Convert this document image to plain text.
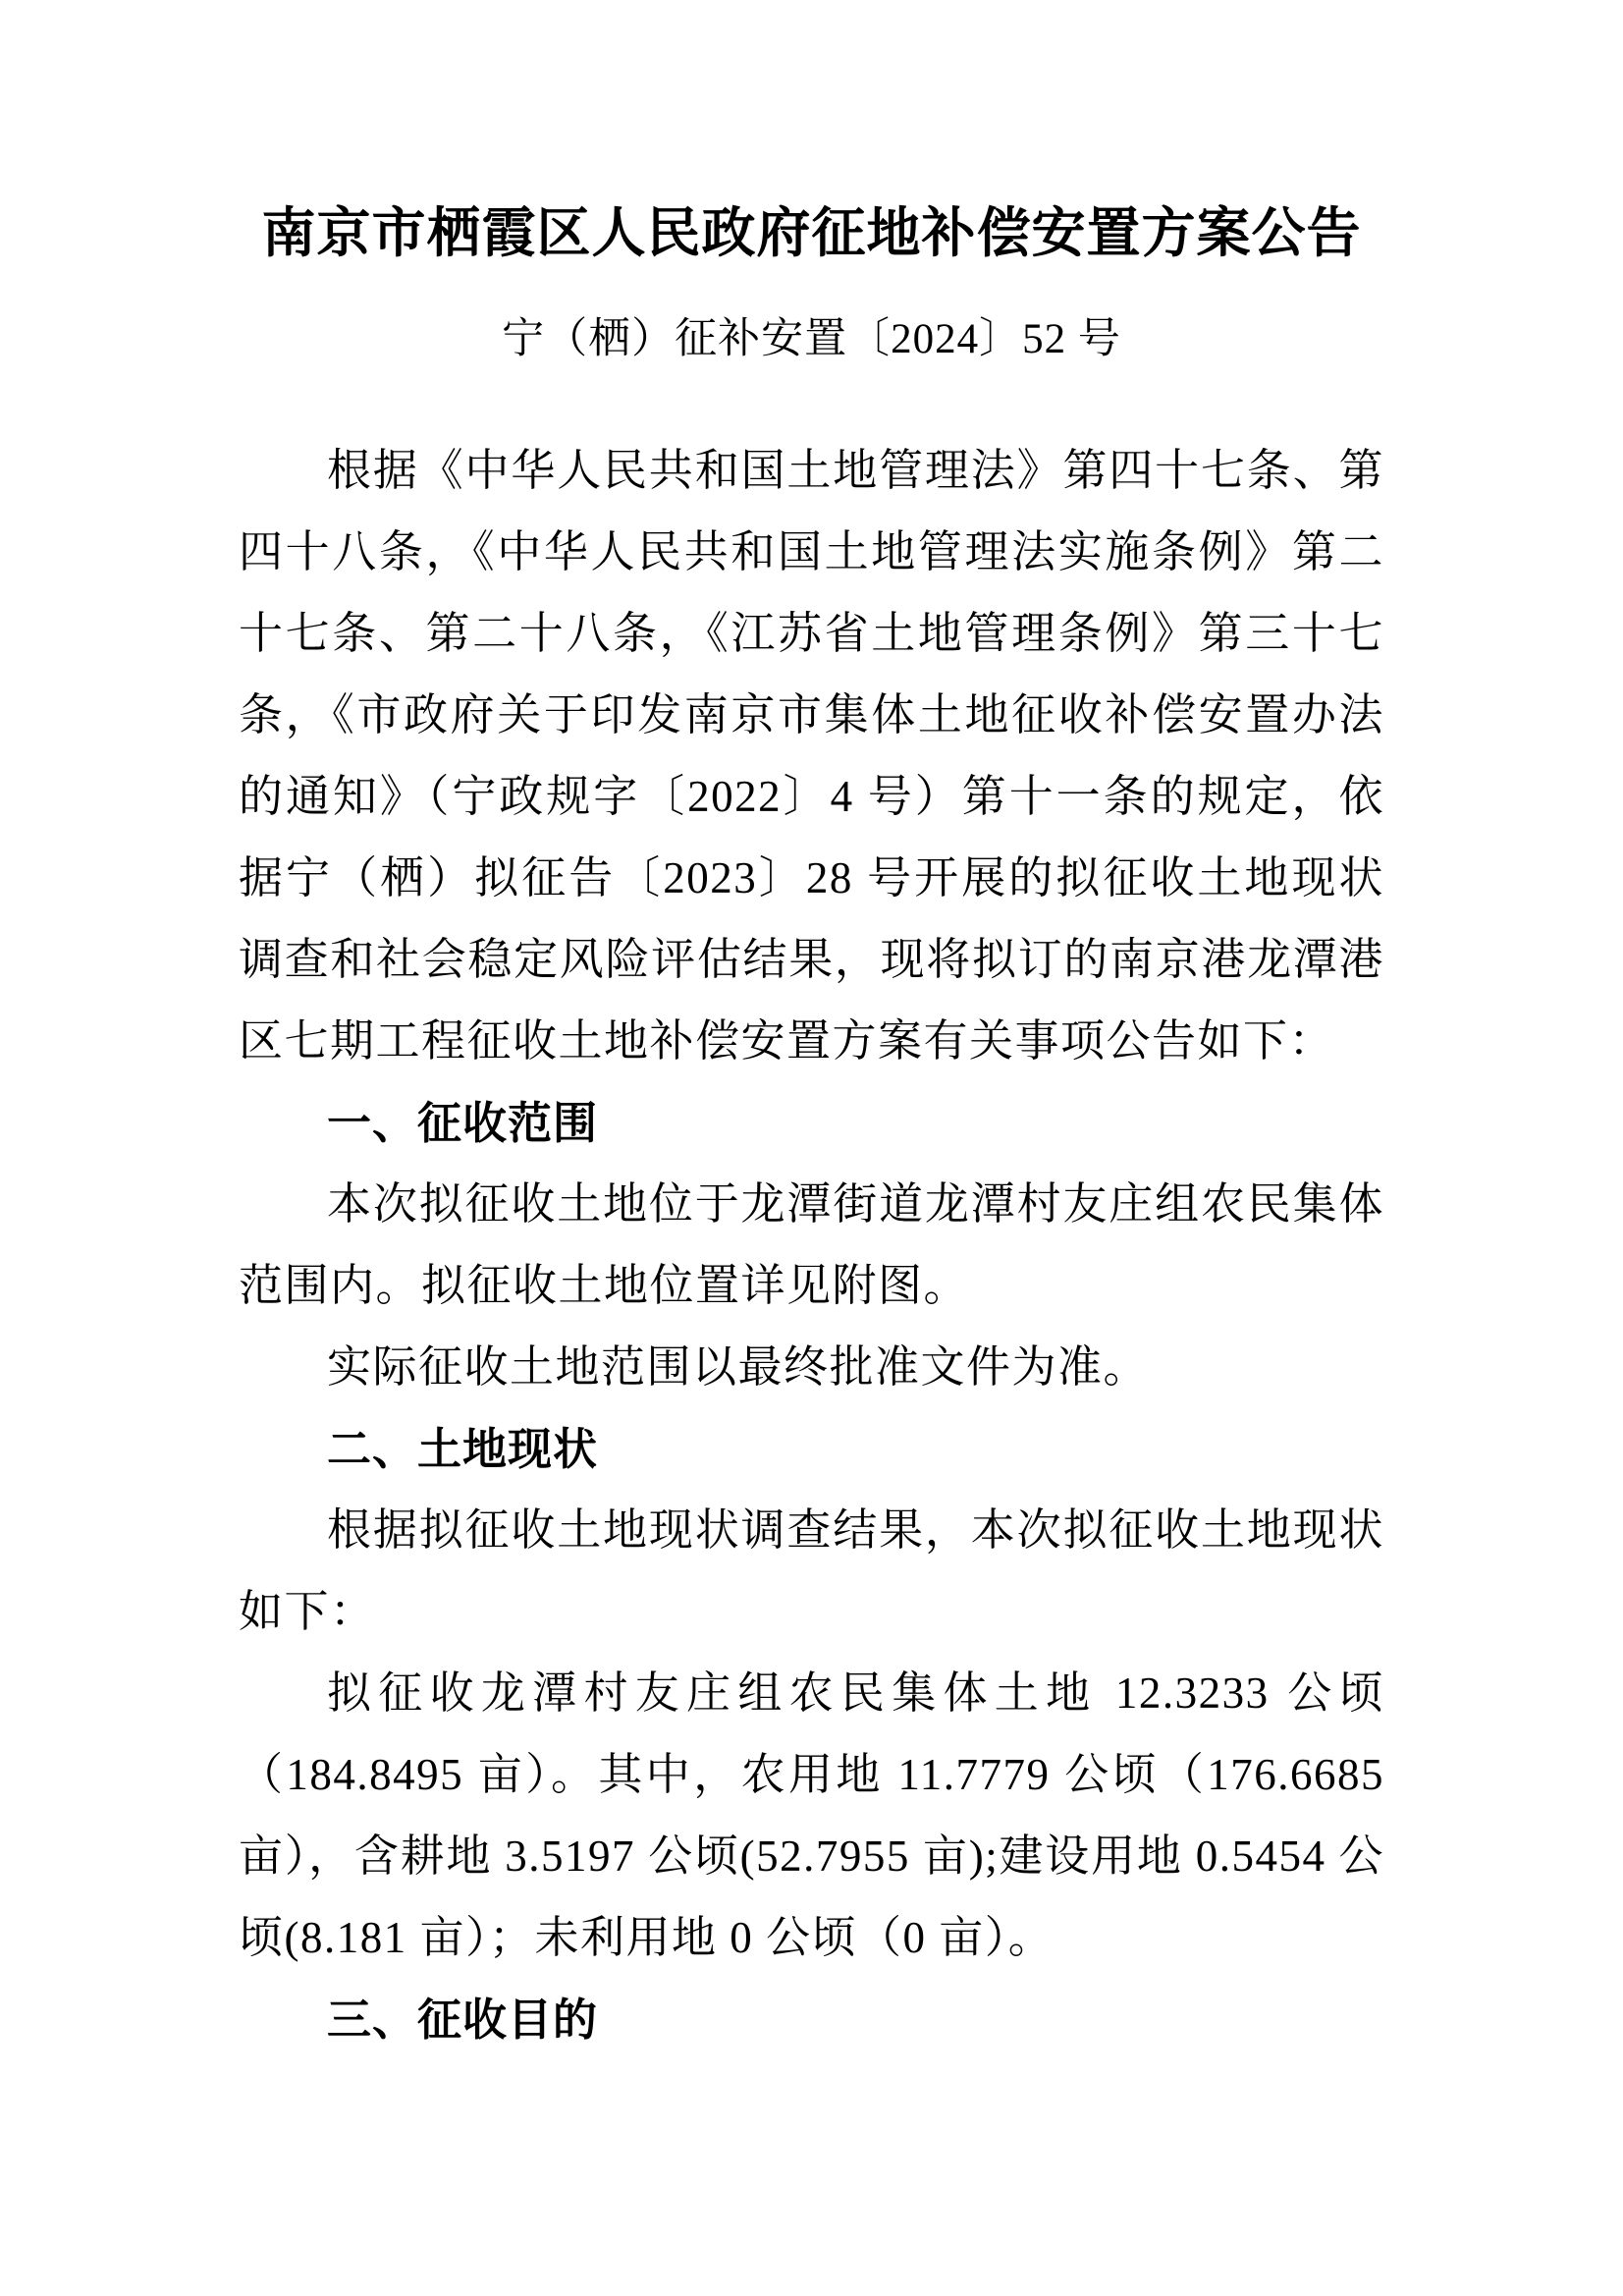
南京市栖霞区人民政府征地补偿安置方案公告
宁（栖）征补安置〔2024〕52 号

根据《中华人民共和国土地管理法》第四十七条、第四十八条，《中华人民共和国土地管理法实施条例》第二十七条、第二十八条，《江苏省土地管理条例》第三十七条，《市政府关于印发南京市集体土地征收补偿安置办法的通知》（宁政规字〔2022〕4 号）第十一条的规定，依据宁（栖）拟征告〔2023〕28 号开展的拟征收土地现状调查和社会稳定风险评估结果，现将拟订的南京港龙潭港区七期工程征收土地补偿安置方案有关事项公告如下：

一、征收范围

本次拟征收土地位于龙潭街道龙潭村友庄组农民集体范围内。拟征收土地位置详见附图。

实际征收土地范围以最终批准文件为准。

二、土地现状

根据拟征收土地现状调查结果，本次拟征收土地现状如下：

拟征收龙潭村友庄组农民集体土地 12.3233 公顷（184.8495 亩）。其中，农用地 11.7779 公顷（176.6685 亩），含耕地 3.5197 公顷(52.7955 亩);建设用地 0.5454 公顷(8.181 亩）；未利用地 0 公顷（0 亩）。

三、征收目的
